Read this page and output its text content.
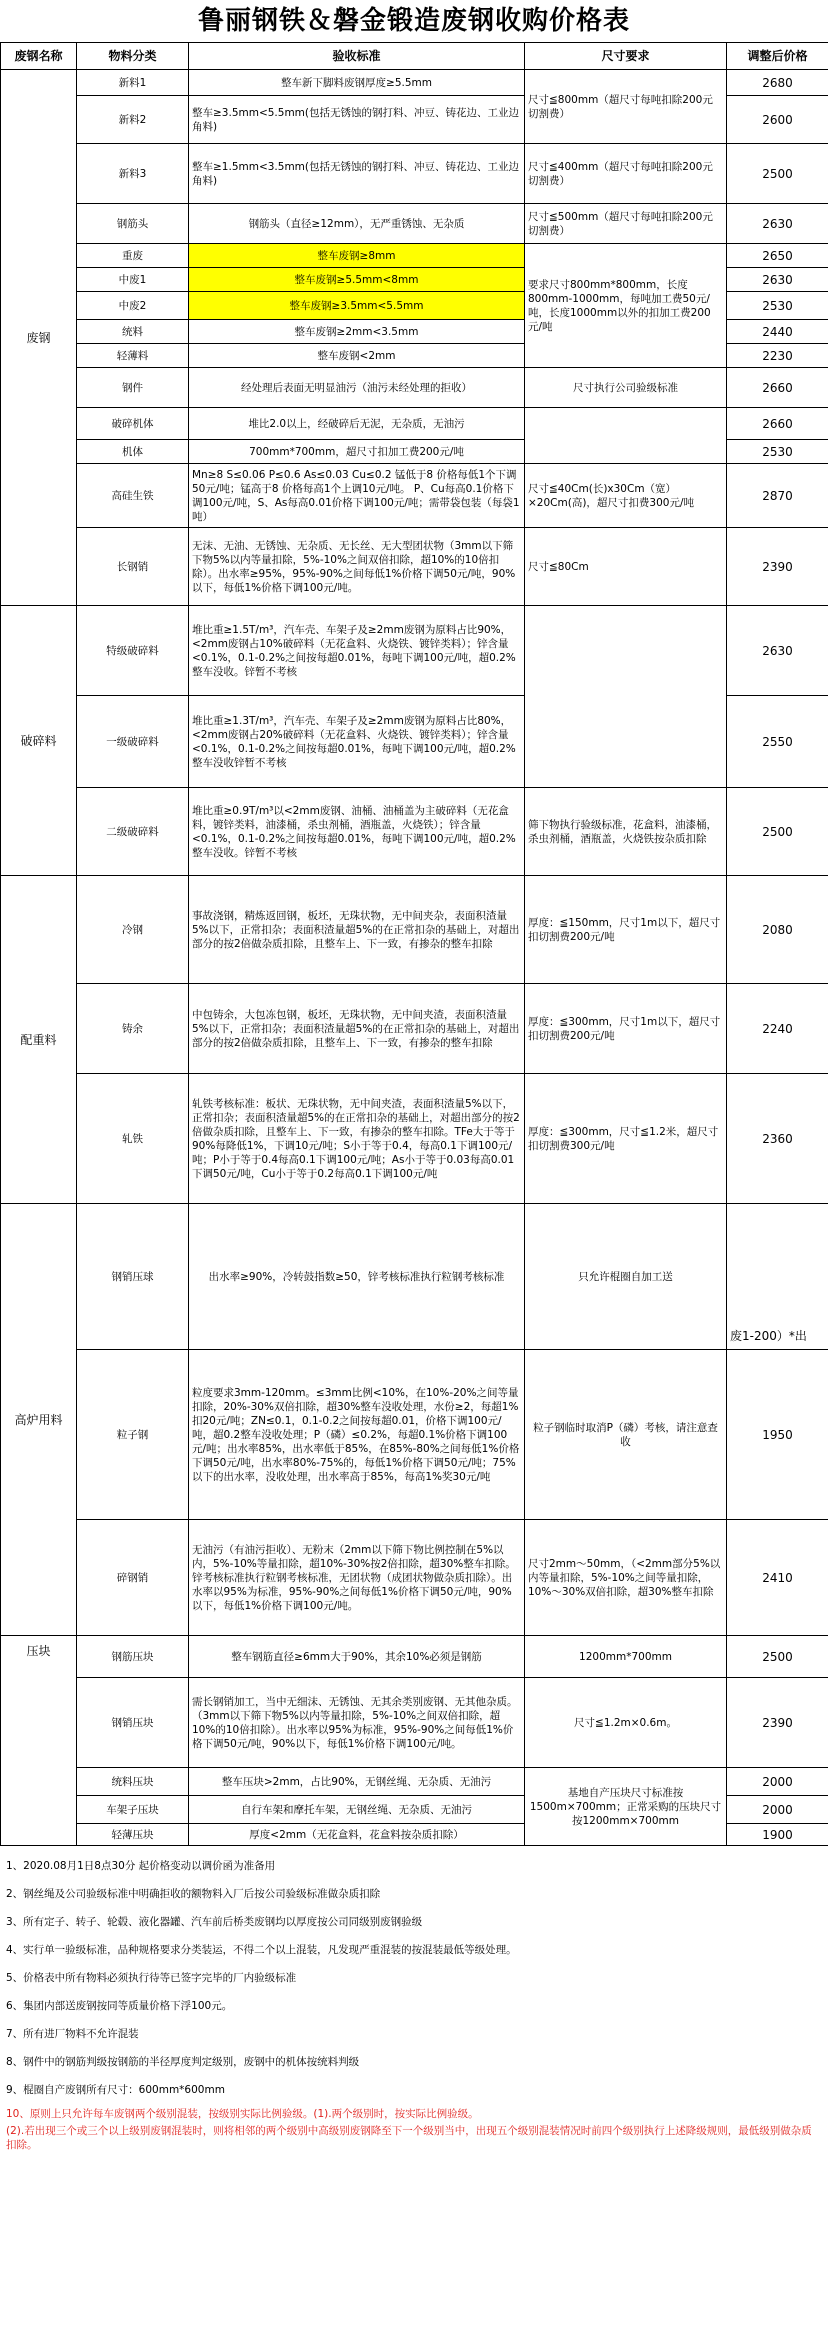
鲁丽钢铁＆磐金锻造废钢收购价格表
废钢名称	物料分类	验收标准	尺寸要求	调整后价格
废钢	新料1	整车新下脚料废钢厚度≥5.5mm	尺寸≦800mm（超尺寸每吨扣除200元切割费）	2680
	新料2	整车≥3.5mm<5.5mm(包括无锈蚀的钢打料、冲豆、铸花边、工业边角料)		2600
	新料3	整车≥1.5mm<3.5mm(包括无锈蚀的钢打料、冲豆、铸花边、工业边角料)	尺寸≦400mm（超尺寸每吨扣除200元切割费）	2500
	钢筋头	钢筋头（直径≥12mm），无严重锈蚀、无杂质	尺寸≦500mm（超尺寸每吨扣除200元切割费）	2630
	重废	整车废钢≥8mm	要求尺寸800mm*800mm，长度800mm-1000mm，每吨加工费50元/吨，长度1000mm以外的扣加工费200元/吨	2650
	中废1	整车废钢≥5.5mm<8mm		2630
	中废2	整车废钢≥3.5mm<5.5mm		2530
	统料	整车废钢≥2mm<3.5mm		2440
	轻薄料	整车废钢<2mm		2230
	钢件	经处理后表面无明显油污（油污未经处理的拒收）	尺寸执行公司验级标准	2660
	破碎机体	堆比2.0以上，经破碎后无泥，无杂质，无油污		2660
	机体	700mm*700mm，超尺寸扣加工费200元/吨		2530
	高硅生铁	Mn≥8 S≤0.06 P≤0.6 As≤0.03 Cu≤0.2 锰低于8 价格每低1个下调50元/吨；锰高于8 价格每高1个上调10元/吨。 P、Cu每高0.1价格下调100元/吨，S、As每高0.01价格下调100元/吨；需带袋包装（每袋1吨）	尺寸≦40Cm(长)x30Cm（宽）×20Cm(高)，超尺寸扣费300元/吨	2870
	长钢销	无沫、无油、无锈蚀、无杂质、无长丝、无大型团状物（3mm以下筛下物5%以内等量扣除，5%-10%之间双倍扣除，超10%的10倍扣除）。出水率≥95%，95%-90%之间每低1%价格下调50元/吨，90%以下，每低1%价格下调100元/吨。	尺寸≦80Cm	2390
破碎料	特级破碎料	堆比重≥1.5T/m³，汽车壳、车架子及≥2mm废钢为原料占比90%，<2mm废钢占10%破碎料（无花盒料、火烧铁、镀锌类料）；锌含量<0.1%，0.1-0.2%之间按每超0.01%，每吨下调100元/吨，超0.2% 整车没收。锌暂不考核		2630
	一级破碎料	堆比重≥1.3T/m³，汽车壳、车架子及≥2mm废钢为原料占比80%，<2mm废钢占20%破碎料（无花盒料、火烧铁、镀锌类料）；锌含量<0.1%，0.1-0.2%之间按每超0.01%，每吨下调100元/吨，超0.2% 整车没收锌暂不考核		2550
	二级破碎料	堆比重≥0.9T/m³以<2mm废钢、油桶、油桶盖为主破碎料（无花盒料，镀锌类料，油漆桶，杀虫剂桶，酒瓶盖，火烧铁）；锌含量<0.1%，0.1-0.2%之间按每超0.01%，每吨下调100元/吨，超0.2% 整车没收。锌暂不考核	筛下物执行验级标准，花盒料，油漆桶，杀虫剂桶，酒瓶盖，火烧铁按杂质扣除	2500
配重料	冷钢	事故浇钢，精炼返回钢，板坯，无珠状物，无中间夹杂，表面积渣量5%以下，正常扣杂；表面积渣量超5%的在正常扣杂的基础上，对超出部分的按2倍做杂质扣除，且整车上、下一致，有掺杂的整车扣除	厚度：≦150mm，尺寸1m以下，超尺寸扣切割费200元/吨	2080
	铸余	中包铸余，大包冻包钢，板坯，无珠状物，无中间夹渣，表面积渣量5%以下，正常扣杂；表面积渣量超5%的在正常扣杂的基础上，对超出部分的按2倍做杂质扣除，且整车上、下一致，有掺杂的整车扣除	厚度：≦300mm，尺寸1m以下，超尺寸扣切割费200元/吨	2240
	轧铁	轧铁考核标准：板状、无珠状物，无中间夹渣，表面积渣量5%以下，正常扣杂；表面积渣量超5%的在正常扣杂的基础上，对超出部分的按2倍做杂质扣除，且整车上、下一致，有掺杂的整车扣除。TFe大于等于90%每降低1%，下调10元/吨；S小于等于0.4，每高0.1下调100元/吨；P小于等于0.4每高0.1下调100元/吨；As小于等于0.03每高0.01下调50元/吨，Cu小于等于0.2每高0.1下调100元/吨	厚度：≦300mm，尺寸≦1.2米，超尺寸扣切割费300元/吨	2360
高炉用料	钢销压球	出水率≥90%，冷转鼓指数≥50，锌考核标准执行粒钢考核标准	只允许棍圈自加工送	废1-200）*出
	粒子钢	粒度要求3mm-120mm。≤3mm比例<10%，在10%-20%之间等量扣除，20%-30%双倍扣除，超30%整车没收处理，水份≥2，每超1%扣20元/吨；ZN≤0.1，0.1-0.2之间按每超0.01，价格下调100元/吨，超0.2整车没收处理；P（磷）≤0.2%，每超0.1%价格下调100元/吨；出水率85%，出水率低于85%，在85%-80%之间每低1%价格下调50元/吨，出水率80%-75%的，每低1%价格下调50元/吨；75%以下的出水率，没收处理，出水率高于85%，每高1%奖30元/吨	粒子钢临时取消P（磷）考核，请注意查收	1950
	碎钢销	无油污（有油污拒收）、无粉末（2mm以下筛下物比例控制在5%以内，5%-10%等量扣除，超10%-30%按2倍扣除，超30%整车扣除。锌考核标准执行粒钢考核标准，无团状物（成团状物做杂质扣除）。出水率以95%为标准，95%-90%之间每低1%价格下调50元/吨，90%以下，每低1%价格下调100元/吨。	尺寸2mm～50mm，（<2mm部分5%以内等量扣除，5%-10%之间等量扣除，10%～30%双倍扣除，超30%整车扣除	2410
压块	钢筋压块	整车钢筋直径≥6mm大于90%，其余10%必须是钢筋	1200mm*700mm	2500
	钢销压块	需长钢销加工，当中无细沫、无锈蚀、无其余类别废钢、无其他杂质。（3mm以下筛下物5%以内等量扣除，5%-10%之间双倍扣除，超10%的10倍扣除）。出水率以95%为标准，95%-90%之间每低1%价格下调50元/吨，90%以下，每低1%价格下调100元/吨。	尺寸≦1.2m×0.6m。	2390
	统料压块	整车压块>2mm，占比90%，无钢丝绳、无杂质、无油污	基地自产压块尺寸标准按1500m×700mm；正常采购的压块尺寸按1200mm×700mm	2000
	车架子压块	自行车架和摩托车架，无钢丝绳、无杂质、无油污		2000
	轻薄压块	厚度<2mm（无花盒料，花盒料按杂质扣除）		1900
1、2020.08月1日8点30分 起价格变动以调价函为准备用
2、钢丝绳及公司验级标准中明确拒收的额物料入厂后按公司验级标准做杂质扣除
3、所有定子、转子、轮毂、液化器罐、汽车前后桥类废钢均以厚度按公司同级别废钢验级
4、实行单一验级标准，品种规格要求分类装运，不得二个以上混装，凡发现严重混装的按混装最低等级处理。
5、价格表中所有物料必须执行待等已签字完毕的厂内验级标准
6、集团内部送废钢按同等质量价格下浮100元。
7、所有进厂物料不允许混装
8、钢件中的钢筋判级按钢筋的半径厚度判定级别，废钢中的机体按统料判级
9、棍圈自产废钢所有尺寸：600mm*600mm
10、原则上只允许每车废钢两个级别混装，按级别实际比例验级。(1).两个级别时，按实际比例验级。
(2).若出现三个或三个以上级别废钢混装时，则将相邻的两个级别中高级别废钢降至下一个级别当中，出现五个级别混装情况时前四个级别执行上述降级规则，最低级别做杂质扣除。
